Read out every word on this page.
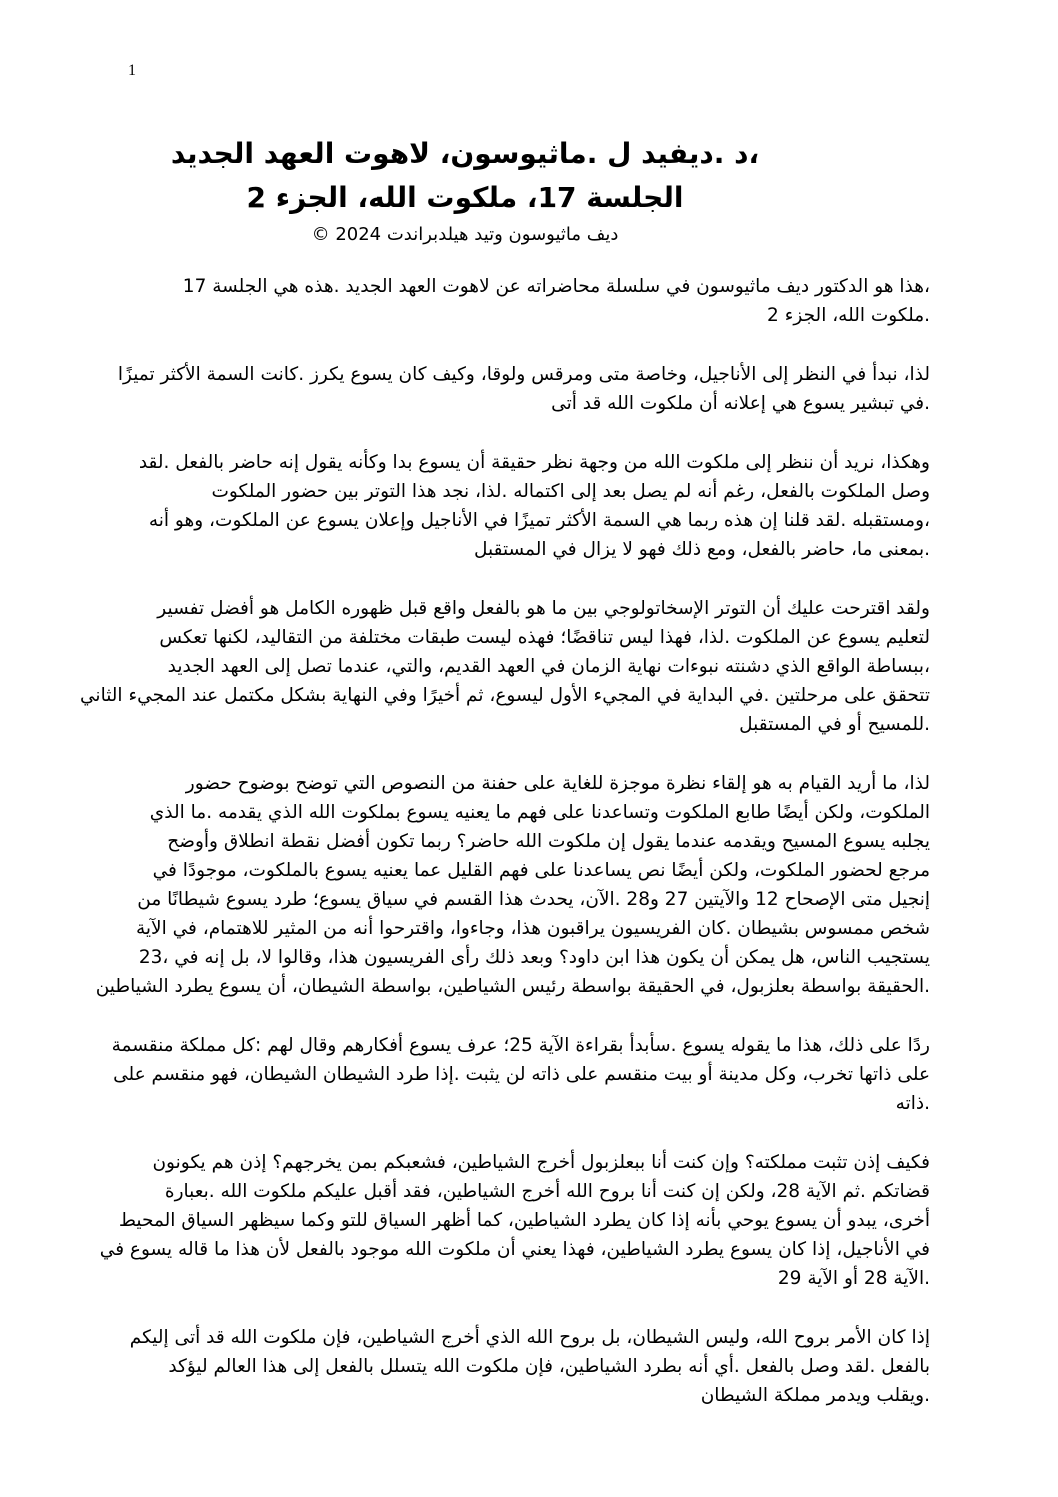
1
،د .ديفيد ل .ماثيوسون، لاهوت العهد الجديد
الجلسة 17، ملكوت الله، الجزء 2
ديف ماثيوسون وتيد هيلدبراندت 2024 ©
،هذا هو الدكتور ديف ماثيوسون في سلسلة محاضراته عن لاهوت العهد الجديد .هذه هي الجلسة 17
.ملكوت الله، الجزء 2
لذا، نبدأ في النظر إلى الأناجيل، وخاصة متى ومرقس ولوقا، وكيف كان يسوع يكرز .كانت السمة الأكثر تميزًا
.في تبشير يسوع هي إعلانه أن ملكوت الله قد أتى
وهكذا، نريد أن ننظر إلى ملكوت الله من وجهة نظر حقيقة أن يسوع بدا وكأنه يقول إنه حاضر بالفعل .لقد
وصل الملكوت بالفعل، رغم أنه لم يصل بعد إلى اكتماله .لذا، نجد هذا التوتر بين حضور الملكوت
،ومستقبله .لقد قلنا إن هذه ربما هي السمة الأكثر تميزًا في الأناجيل وإعلان يسوع عن الملكوت، وهو أنه
.بمعنى ما، حاضر بالفعل، ومع ذلك فهو لا يزال في المستقبل
ولقد اقترحت عليك أن التوتر الإسخاتولوجي بين ما هو بالفعل واقع قبل ظهوره الكامل هو أفضل تفسير
لتعليم يسوع عن الملكوت .لذا، فهذا ليس تناقضًا؛ فهذه ليست طبقات مختلفة من التقاليد، لكنها تعكس
،ببساطة الواقع الذي دشنته نبوءات نهاية الزمان في العهد القديم، والتي، عندما تصل إلى العهد الجديد
تتحقق على مرحلتين .في البداية في المجيء الأول ليسوع، ثم أخيرًا وفي النهاية بشكل مكتمل عند المجيء الثاني
.للمسيح أو في المستقبل
لذا، ما أريد القيام به هو إلقاء نظرة موجزة للغاية على حفنة من النصوص التي توضح بوضوح حضور
الملكوت، ولكن أيضًا طابع الملكوت وتساعدنا على فهم ما يعنيه يسوع بملكوت الله الذي يقدمه .ما الذي
يجلبه يسوع المسيح ويقدمه عندما يقول إن ملكوت الله حاضر؟ ربما تكون أفضل نقطة انطلاق وأوضح
مرجع لحضور الملكوت، ولكن أيضًا نص يساعدنا على فهم القليل عما يعنيه يسوع بالملكوت، موجودًا في
إنجيل متى الإصحاح 12 والآيتين 27 و28 .الآن، يحدث هذا القسم في سياق يسوع؛ طرد يسوع شيطانًا من
شخص ممسوس بشيطان .كان الفريسيون يراقبون هذا، وجاءوا، واقترحوا أنه من المثير للاهتمام، في الآية
يستجيب الناس، هل يمكن أن يكون هذا ابن داود؟ وبعد ذلك رأى الفريسيون هذا، وقالوا لا، بل إنه في ،23
.الحقيقة بواسطة بعلزبول، في الحقيقة بواسطة رئيس الشياطين، بواسطة الشيطان، أن يسوع يطرد الشياطين
ردًا على ذلك، هذا ما يقوله يسوع .سأبدأ بقراءة الآية 25؛ عرف يسوع أفكارهم وقال لهم :كل مملكة منقسمة
على ذاتها تخرب، وكل مدينة أو بيت منقسم على ذاته لن يثبت .إذا طرد الشيطان الشيطان، فهو منقسم على
.ذاته
فكيف إذن تثبت مملكته؟ وإن كنت أنا ببعلزبول أخرج الشياطين، فشعبكم بمن يخرجهم؟ إذن هم يكونون
قضاتكم .ثم الآية 28، ولكن إن كنت أنا بروح الله أخرج الشياطين، فقد أقبل عليكم ملكوت الله .بعبارة
أخرى، يبدو أن يسوع يوحي بأنه إذا كان يطرد الشياطين، كما أظهر السياق للتو وكما سيظهر السياق المحيط
في الأناجيل، إذا كان يسوع يطرد الشياطين، فهذا يعني أن ملكوت الله موجود بالفعل لأن هذا ما قاله يسوع في
.الآية 28 أو الآية 29
إذا كان الأمر بروح الله، وليس الشيطان، بل بروح الله الذي أخرج الشياطين، فإن ملكوت الله قد أتى إليكم
بالفعل .لقد وصل بالفعل .أي أنه بطرد الشياطين، فإن ملكوت الله يتسلل بالفعل إلى هذا العالم ليؤكد
.ويقلب ويدمر مملكة الشيطان
